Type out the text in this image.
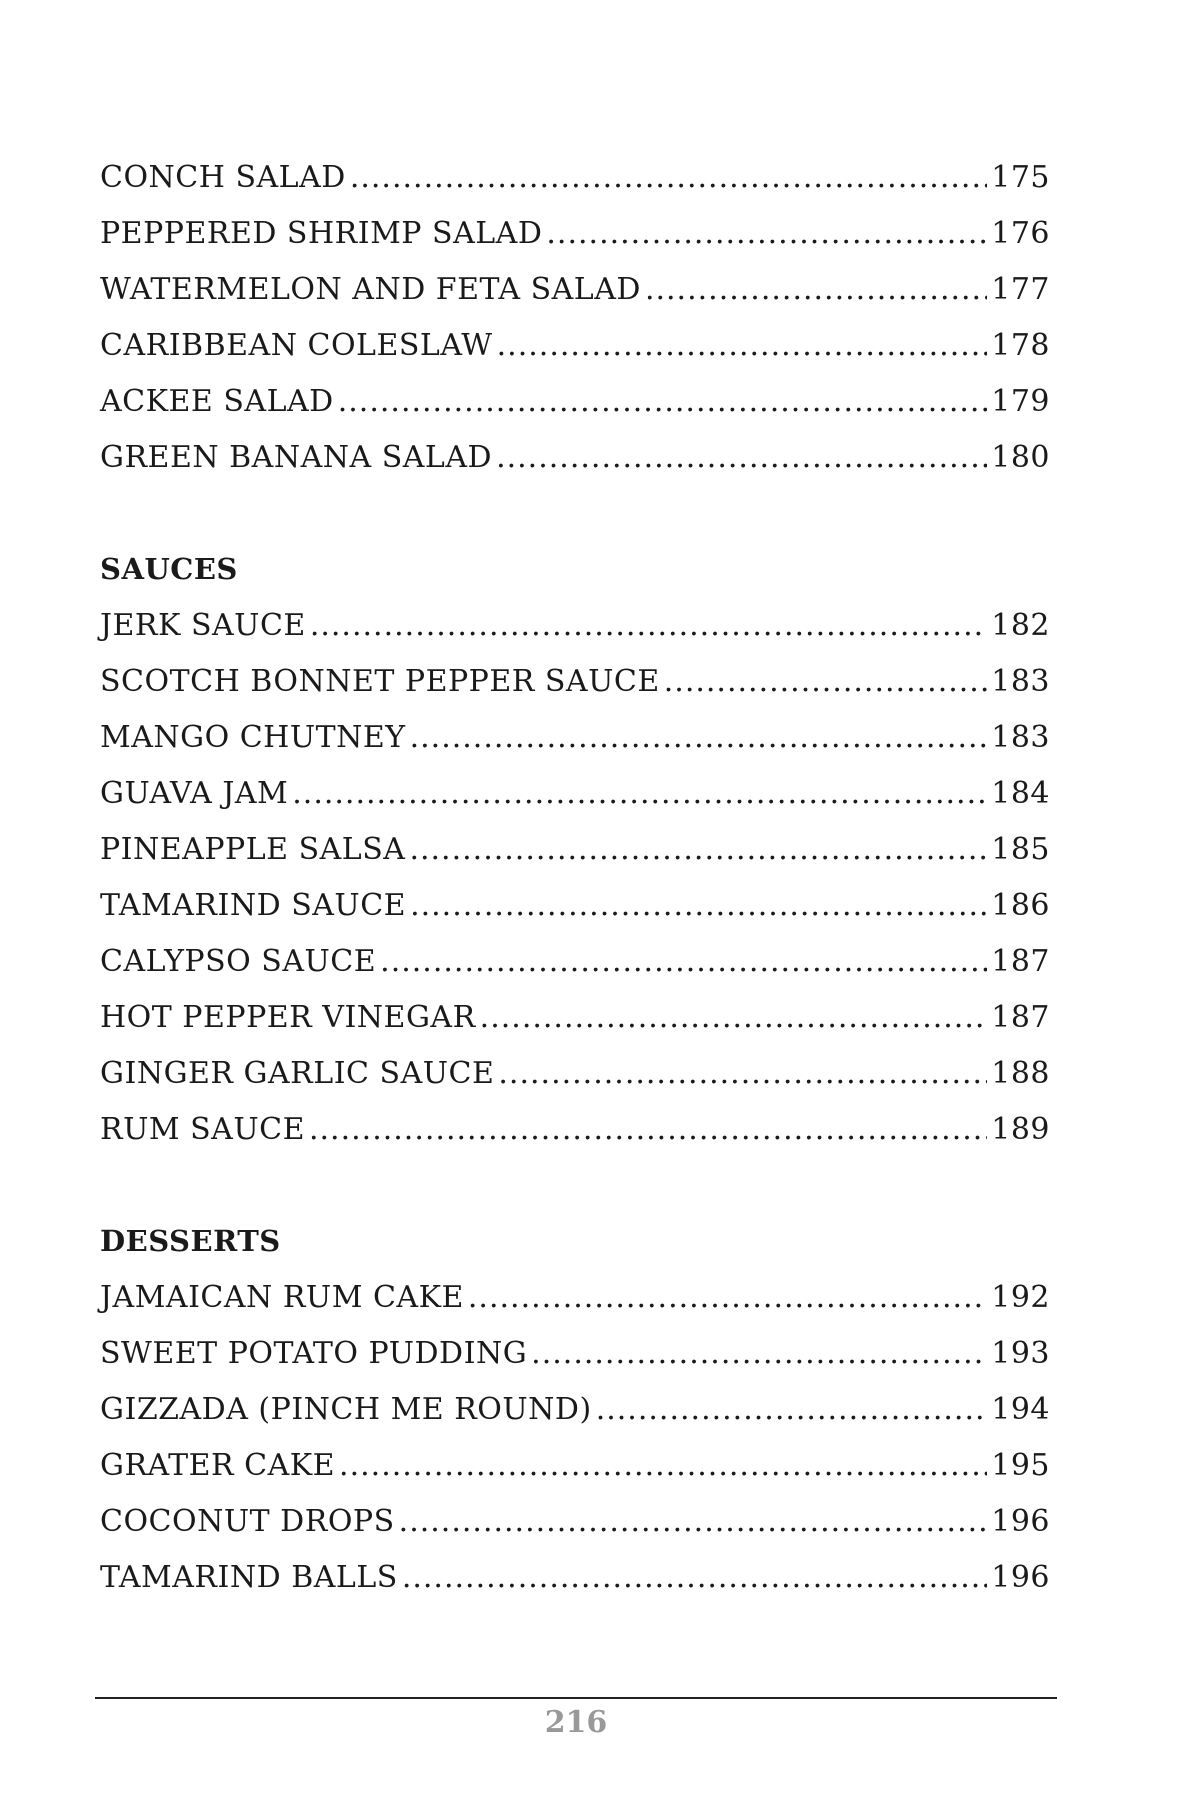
CONCH SALAD .....	175
PEPPERED SHRIMP SALAD .....	176
WATERMELON AND FETA SALAD .....	177
CARIBBEAN COLESLAW .....	178
ACKEE SALAD .....	179
GREEN BANANA SALAD .....	180
SAUCES
JERK SAUCE .....	182
SCOTCH BONNET PEPPER SAUCE .....	183
MANGO CHUTNEY .....	183
GUAVA JAM .....	184
PINEAPPLE SALSA .....	185
TAMARIND SAUCE .....	186
CALYPSO SAUCE .....	187
HOT PEPPER VINEGAR .....	187
GINGER GARLIC SAUCE .....	188
RUM SAUCE .....	189
DESSERTS
JAMAICAN RUM CAKE .....	192
SWEET POTATO PUDDING .....	193
GIZZADA (PINCH ME ROUND) .....	194
GRATER CAKE .....	195
COCONUT DROPS .....	196
TAMARIND BALLS .....	196
216
